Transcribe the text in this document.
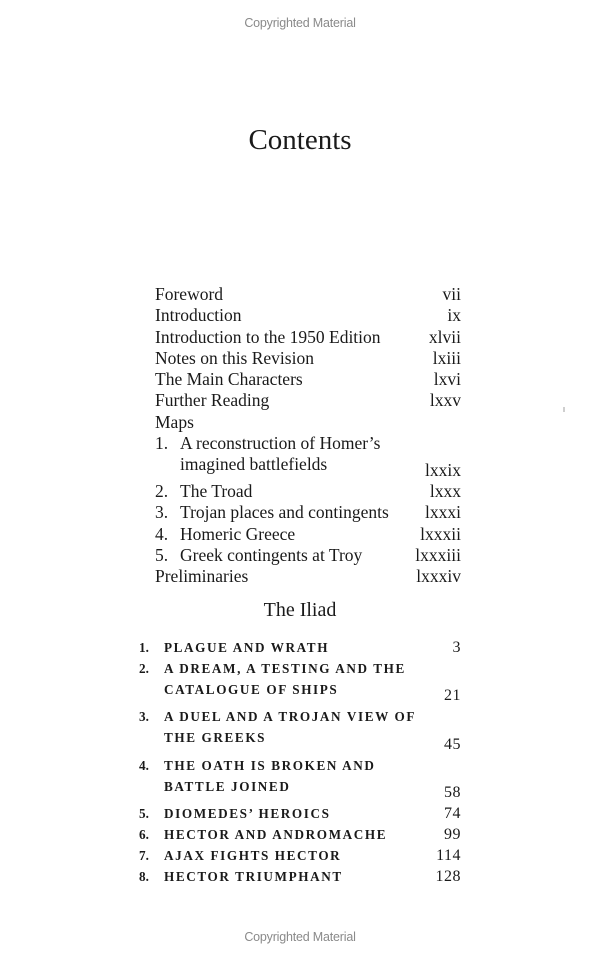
Copyrighted Material
Contents
Foreword	vii
Introduction	ix
Introduction to the 1950 Edition	xlvii
Notes on this Revision	lxiii
The Main Characters	lxvi
Further Reading	lxxv
Maps
1. A reconstruction of Homer’s
imagined battlefields	lxxix
2. The Troad	lxxx
3. Trojan places and contingents lxxxi
4. Homeric Greece	lxxxii
5. Greek contingents at Troy	lxxxiii
Preliminaries	lxxxiv
The Iliad
1.	PLAGUE AND WRATH	3
2.	A DREAM, A TESTING AND THE
CATALOGUE OF SHIPS	21
3.	A DUEL AND A TROJAN VIEW OF
THE GREEKS	45
4.	THE OATH IS BROKEN AND
BATTLE JOINED	58
5.	DIOMEDES’ HEROICS	74
6.	HECTOR AND ANDROMACHE	99
7.	AJAX FIGHTS HECTOR	114
8.	HECTOR TRIUMPHANT	128
Copyrighted Material
